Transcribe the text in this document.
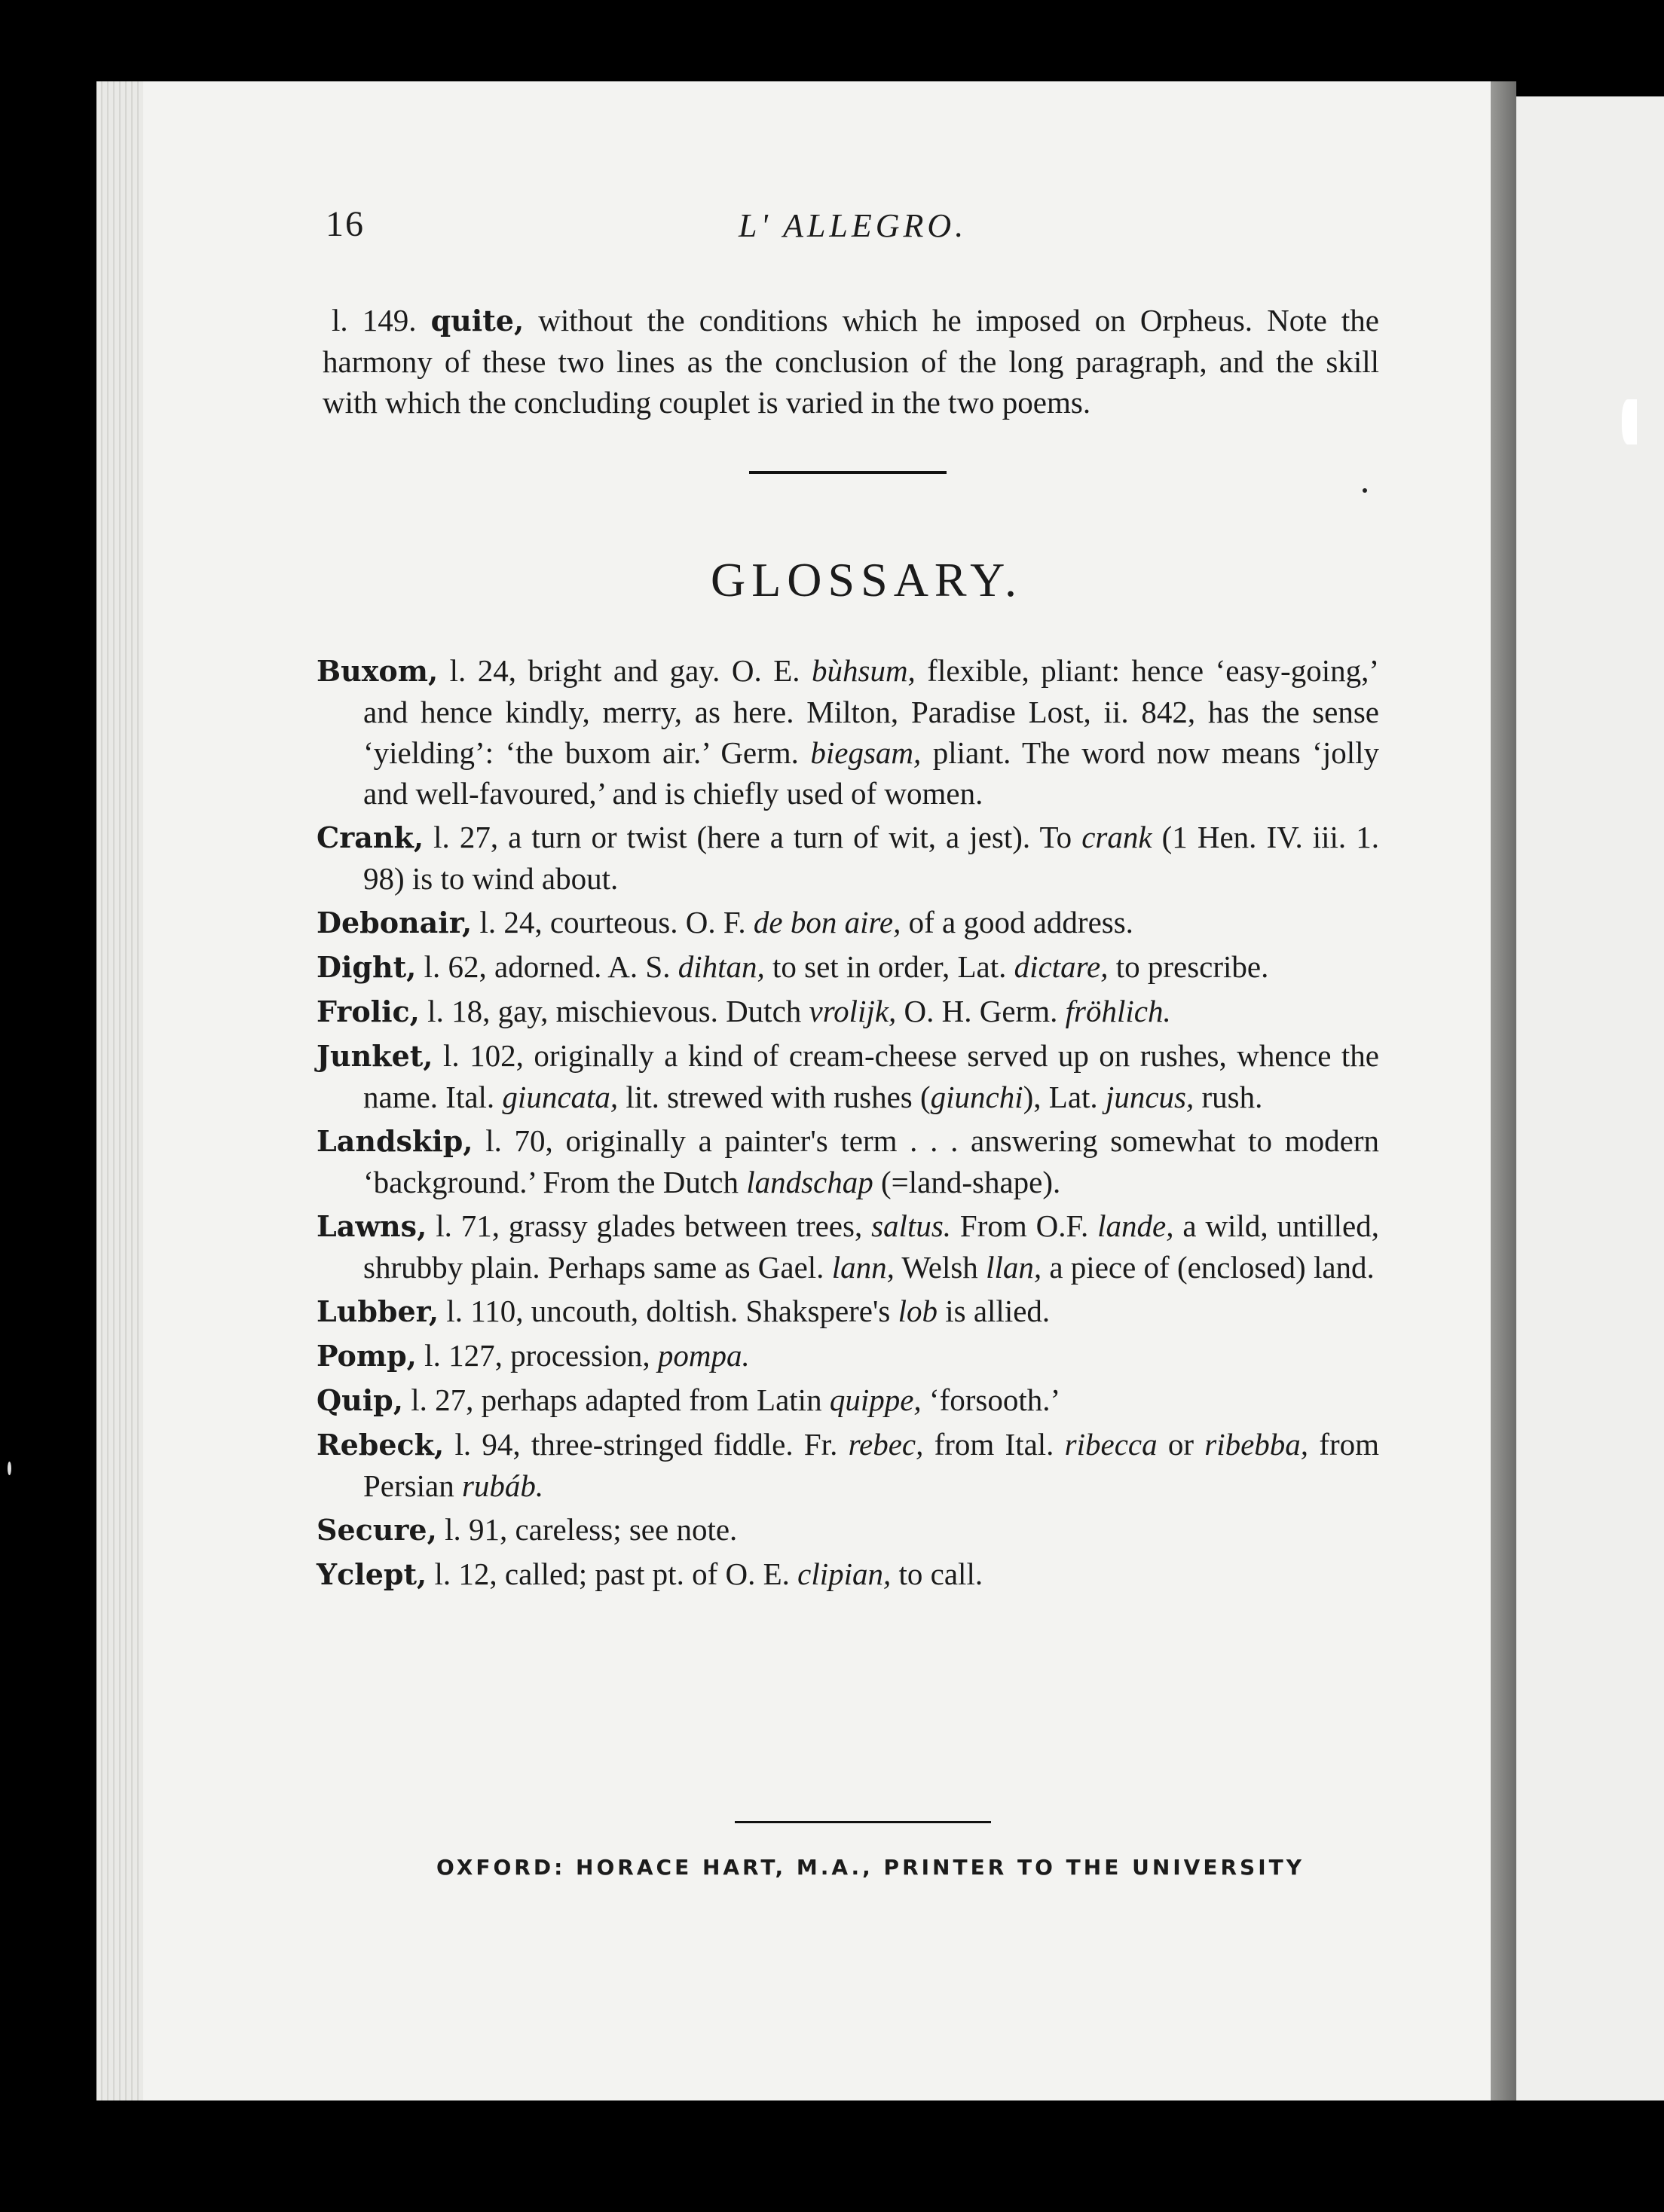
16	L' ALLEGRO.

l. 149. quite, without the conditions which he imposed on Orpheus. Note the harmony of these two lines as the conclusion of the long paragraph, and the skill with which the concluding couplet is varied in the two poems.

GLOSSARY.
Buxom, l. 24, bright and gay. O. E. bùhsum, flexible, pliant: hence ‘easy-going,’ and hence kindly, merry, as here. Milton, Paradise Lost, ii. 842, has the sense ‘yielding’: ‘the buxom air.’ Germ. biegsam, pliant. The word now means ‘jolly and well-favoured,’ and is chiefly used of women.
Crank, l. 27, a turn or twist (here a turn of wit, a jest). To crank (1 Hen. IV. iii. 1. 98) is to wind about.
Debonair, l. 24, courteous. O. F. de bon aire, of a good address.
Dight, l. 62, adorned. A. S. dihtan, to set in order, Lat. dictare, to prescribe.
Frolic, l. 18, gay, mischievous. Dutch vrolijk, O. H. Germ. fröhlich.
Junket, l. 102, originally a kind of cream-cheese served up on rushes, whence the name. Ital. giuncata, lit. strewed with rushes (giunchi), Lat. juncus, rush.
Landskip, l. 70, originally a painter's term . . . answering somewhat to modern ‘background.’ From the Dutch landschap (=land-shape).
Lawns, l. 71, grassy glades between trees, saltus. From O.F. lande, a wild, untilled, shrubby plain. Perhaps same as Gael. lann, Welsh llan, a piece of (enclosed) land.
Lubber, l. 110, uncouth, doltish. Shakspere's lob is allied.
Pomp, l. 127, procession, pompa.
Quip, l. 27, perhaps adapted from Latin quippe, ‘forsooth.’
Rebeck, l. 94, three-stringed fiddle. Fr. rebec, from Ital. ribecca or ribebba, from Persian rubáb.
Secure, l. 91, careless; see note.
Yclept, l. 12, called; past pt. of O. E. clipian, to call.
OXFORD: HORACE HART, M.A., PRINTER TO THE UNIVERSITY
